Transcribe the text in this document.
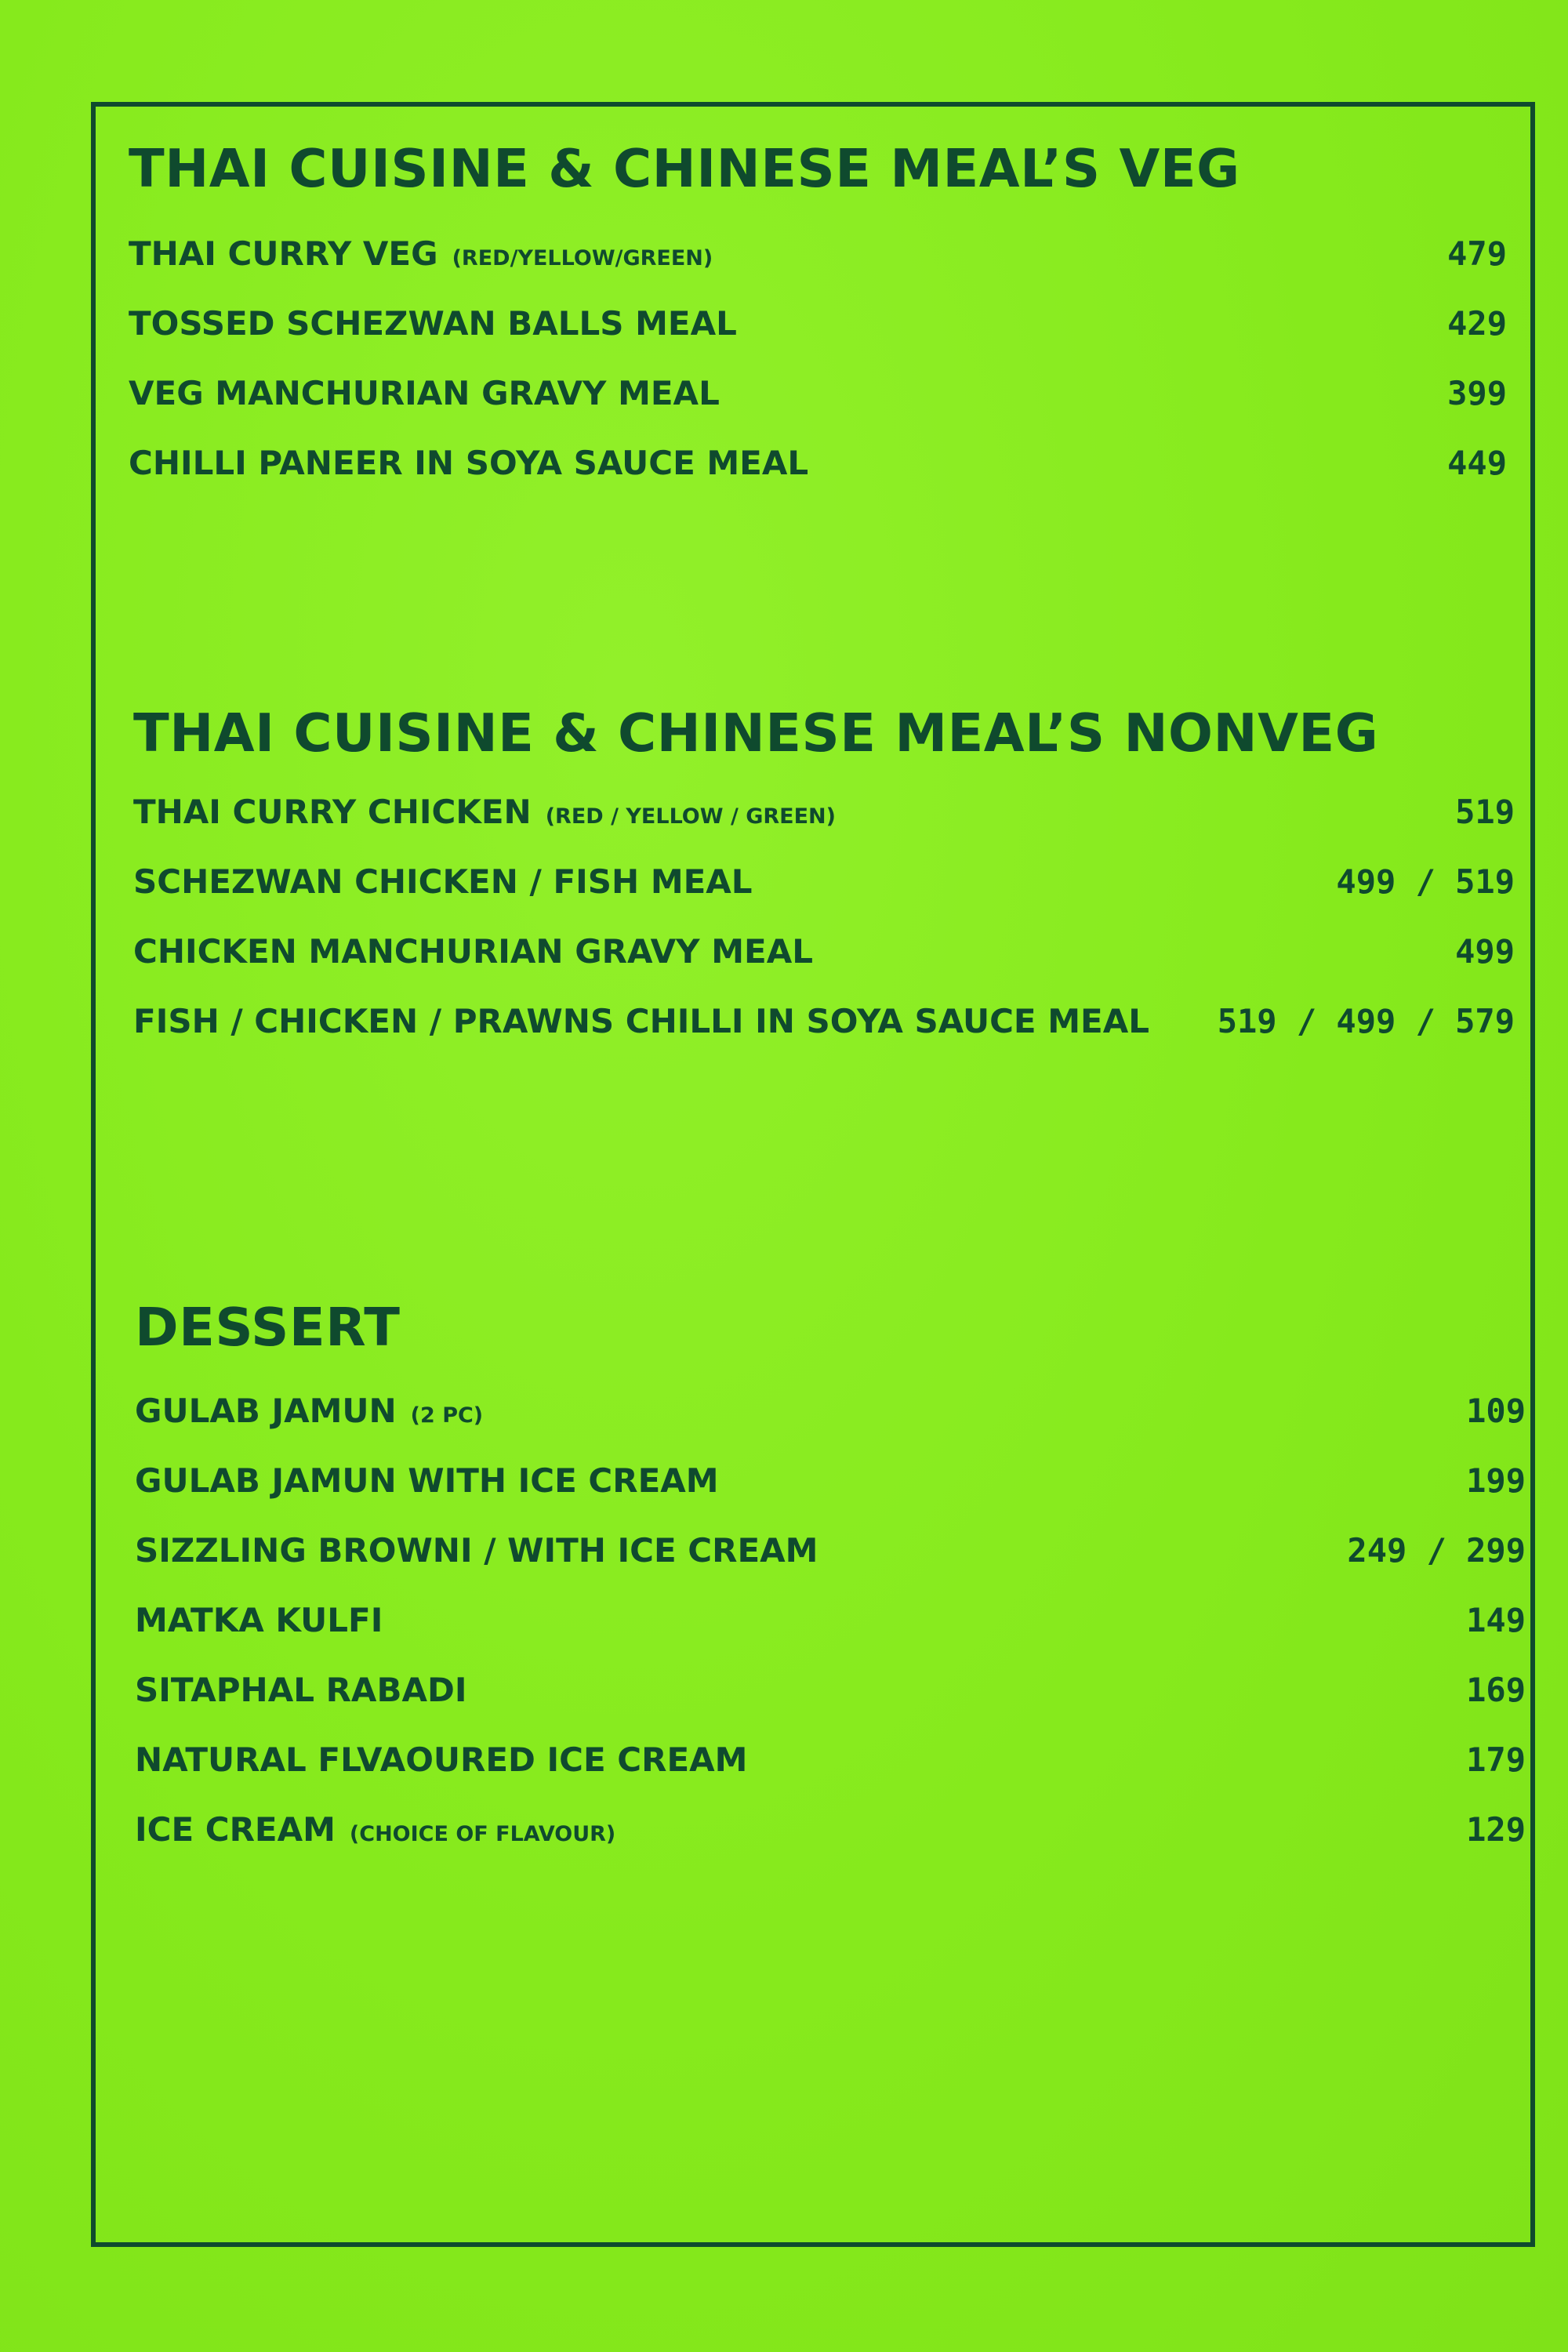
THAI CUISINE & CHINESE MEAL’S VEG
THAI CURRY VEG (RED/YELLOW/GREEN)	479
TOSSED SCHEZWAN BALLS MEAL	429
VEG MANCHURIAN GRAVY MEAL	399
CHILLI PANEER IN SOYA SAUCE MEAL	449
THAI CUISINE & CHINESE MEAL’S NONVEG
THAI CURRY CHICKEN (RED / YELLOW / GREEN)	519
SCHEZWAN CHICKEN / FISH MEAL	499 / 519
CHICKEN MANCHURIAN GRAVY MEAL	499
FISH / CHICKEN / PRAWNS CHILLI IN SOYA SAUCE MEAL 519 / 499 / 579
DESSERT
GULAB JAMUN (2 PC)	109
GULAB JAMUN WITH ICE CREAM	199
SIZZLING BROWNI / WITH ICE CREAM	249 / 299
MATKA KULFI	149
SITAPHAL RABADI	169
NATURAL FLVAOURED ICE CREAM	179
ICE CREAM (CHOICE OF FLAVOUR)	129
